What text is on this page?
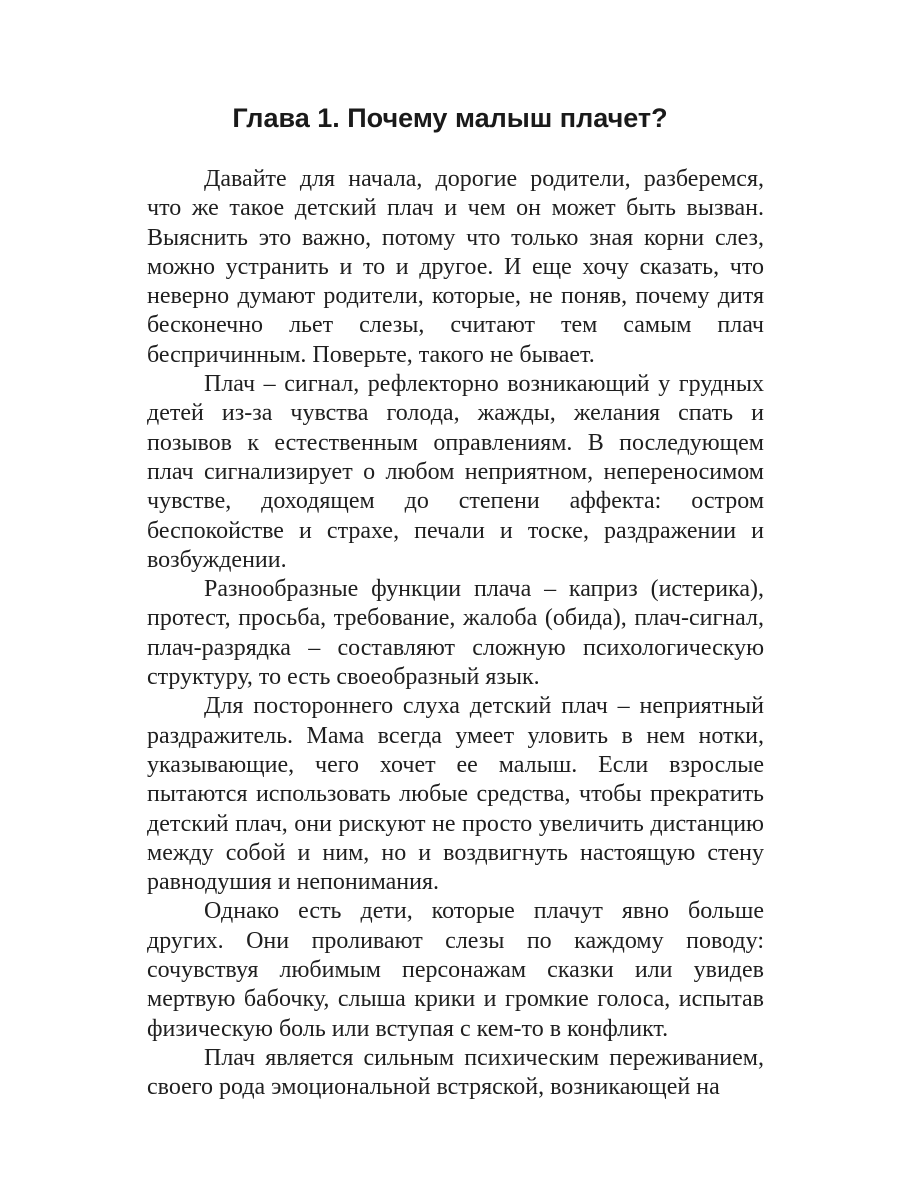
Глава 1. Почему малыш плачет?

Давайте для начала, дорогие родители, разберемся, что же такое детский плач и чем он может быть вызван. Выяснить это важно, потому что только зная корни слез, можно устранить и то и другое. И еще хочу сказать, что неверно думают родители, которые, не поняв, почему дитя бесконечно льет слезы, считают тем самым плач беспричинным. Поверьте, такого не бывает.

Плач – сигнал, рефлекторно возникающий у грудных детей из-за чувства голода, жажды, желания спать и позывов к естественным оправлениям. В последующем плач сигнализирует о любом неприятном, непереносимом чувстве, доходящем до степени аффекта: остром беспокойстве и страхе, печали и тоске, раздражении и возбуждении.

Разнообразные функции плача – каприз (истерика), протест, просьба, требование, жалоба (обида), плач-сигнал, плач-разрядка – составляют сложную психологическую структуру, то есть своеобразный язык.

Для постороннего слуха детский плач – неприятный раздражитель. Мама всегда умеет уловить в нем нотки, указывающие, чего хочет ее малыш. Если взрослые пытаются использовать любые средства, чтобы прекратить детский плач, они рискуют не просто увеличить дистанцию между собой и ним, но и воздвигнуть настоящую стену равнодушия и непонимания.

Однако есть дети, которые плачут явно больше других. Они проливают слезы по каждому поводу: сочувствуя любимым персонажам сказки или увидев мертвую бабочку, слыша крики и громкие голоса, испытав физическую боль или вступая с кем-то в конфликт.

Плач является сильным психическим переживанием, своего рода эмоциональной встряской, возникающей на
